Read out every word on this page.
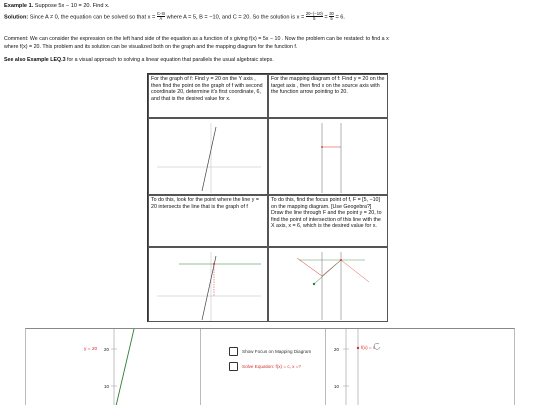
Example 1. Suppose 5x − 10 = 20. Find x.
Solution: Since A ≠ 0, the equation can be solved so that $x = \frac{C-B}{A}$ where A = 5, B = −10, and C = 20. So the solution is $x = \frac{20-(-10)}{5} = \frac{30}{5} = 6$.
Comment: We can consider the expression on the left hand side of the equation as a function of x giving f(x) = 5x − 10 . Now the problem can be restated: to find a x
where f(x) = 20. This problem and its solution can be visualized both on the graph and the mapping diagram for the function f.
See also Example LEQ.3 for a visual approach to solving a linear equation that parallels the usual algebraic steps.
For the graph of f: Find y = 20 on the Y axis , then find the point on the graph of f with second coordinate 20, determine it's first coordinate, 6, and that is the desired value for x.
For the mapping diagram of f: Find y = 20 on the target axis , then find x on the source axis with the function arrow pointing to 20.
To do this, look for the point where the line y = 20 intersects the line that is the graph of f
To do this, find the focus point of f, F = [5, −10] on the mapping diagram. [Use Geogebra?] Draw the line through F and the point y = 20, to find the point of intersection of this line with the X axis, x = 6, which is the desired value for x.
y = 20 20
10
Show Focus on Mapping Diagram
Solve Equation: f(x) = c, x =?
20
10
f(x) = c
